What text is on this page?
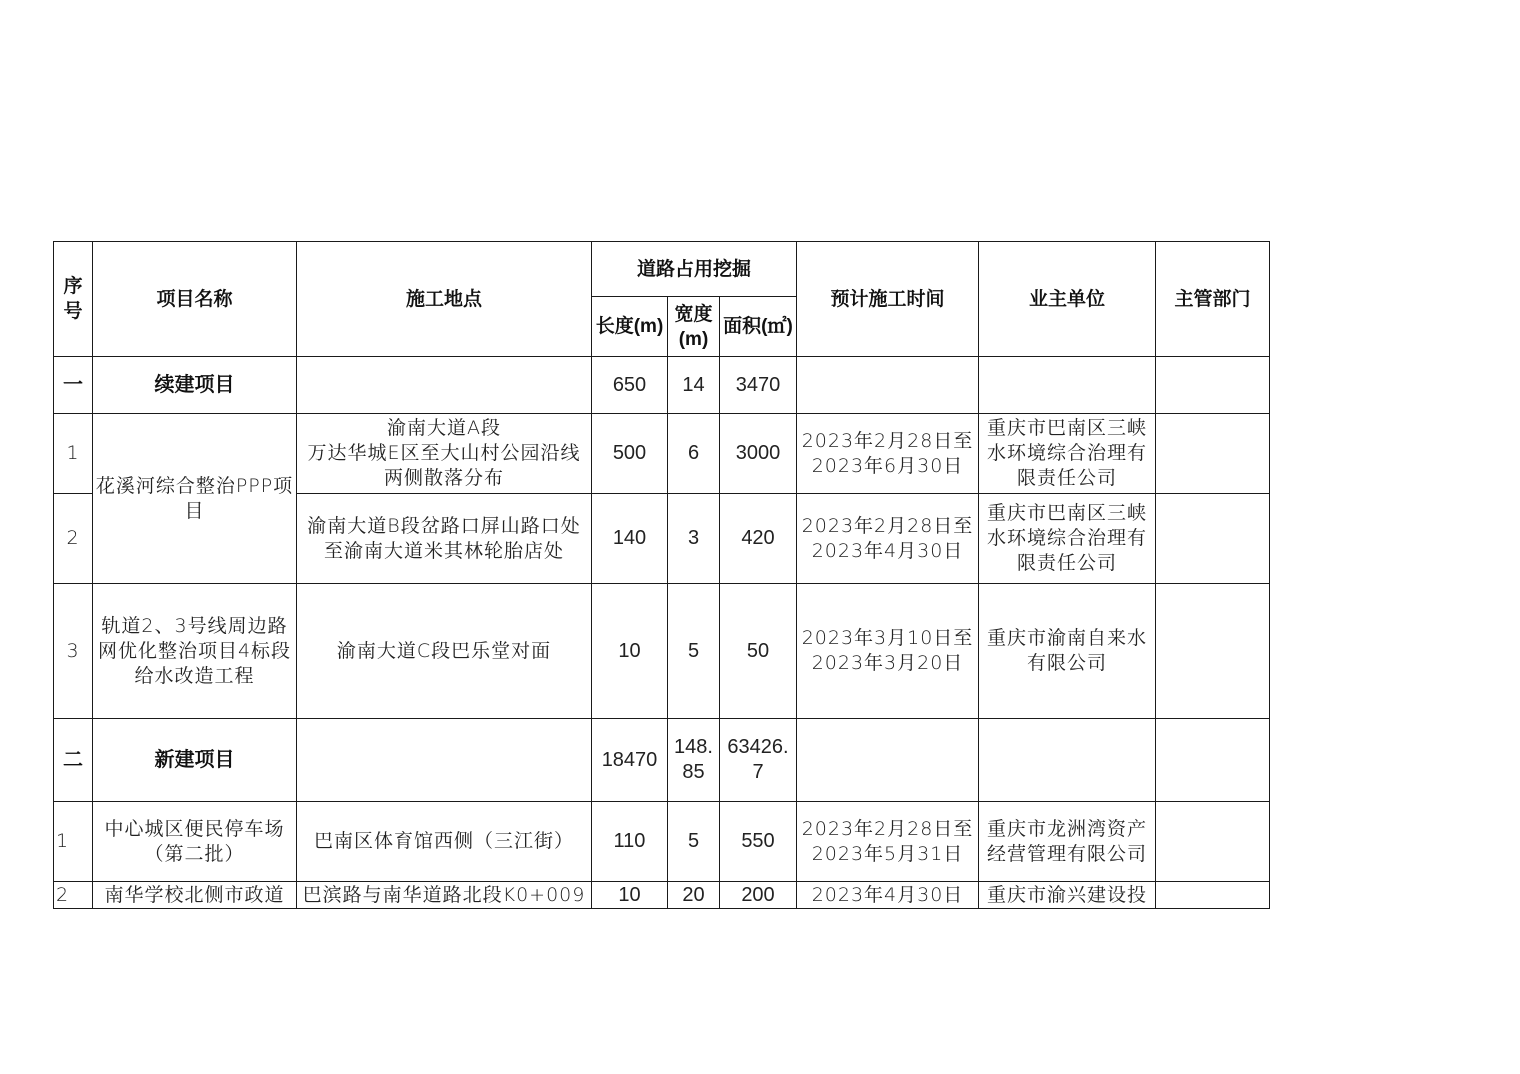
序号	项目名称	施工地点	道路占用挖掘			预计施工时间	业主单位	主管部门
			长度(m)	宽度(m)	面积(㎡)			
一	续建项目		650	14	3470			
1	花溪河综合整治PPP项目	渝南大道A段
万达华城E区至大山村公园沿线两侧散落分布	500	6	3000	2023年2月28日至2023年6月30日	重庆市巴南区三峡水环境综合治理有限责任公司	
2		渝南大道B段岔路口屏山路口处至渝南大道米其林轮胎店处	140	3	420	2023年2月28日至2023年4月30日	重庆市巴南区三峡水环境综合治理有限责任公司	
3	轨道2、3号线周边路网优化整治项目4标段给水改造工程	渝南大道C段巴乐堂对面	10	5	50	2023年3月10日至2023年3月20日	重庆市渝南自来水有限公司	
二	新建项目		18470	148.85	63426.7			
1	中心城区便民停车场（第二批）	巴南区体育馆西侧（三江街）	110	5	550	2023年2月28日至2023年5月31日	重庆市龙洲湾资产经营管理有限公司	
2	南华学校北侧市政道	巴滨路与南华道路北段K0+009	10	20	200	2023年4月30日	重庆市渝兴建设投	
